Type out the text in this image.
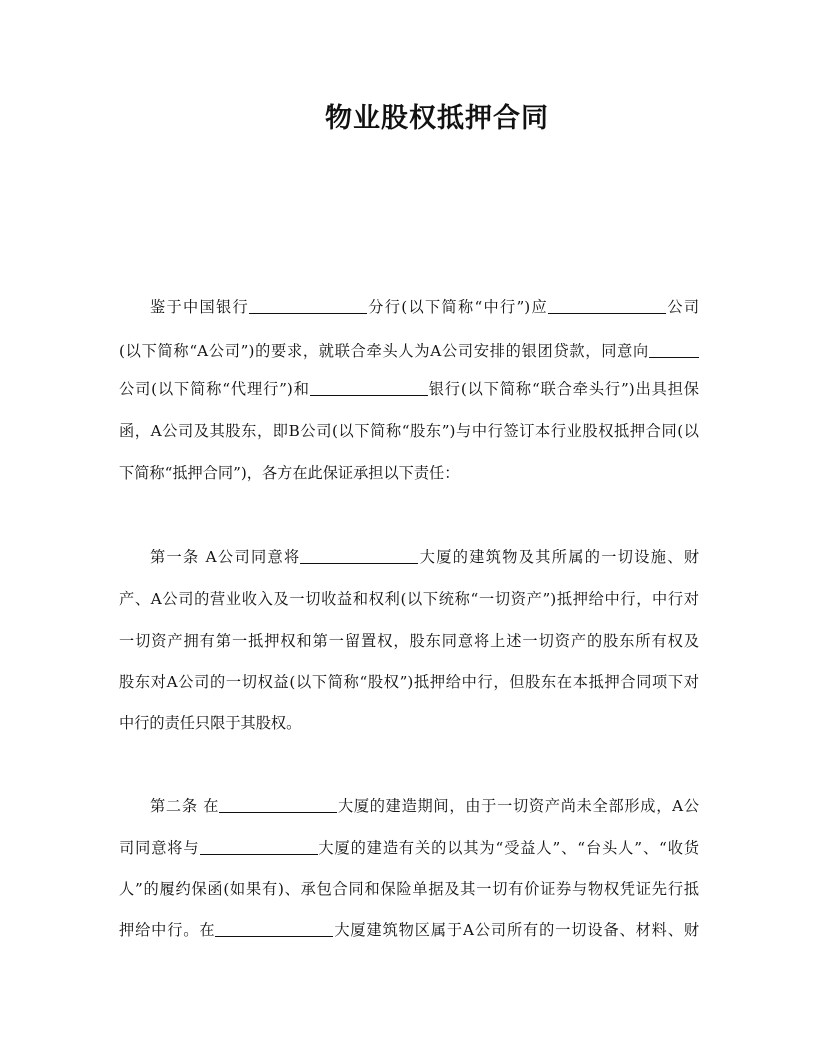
物业股权抵押合同
鉴于中国银行	分行(以下简称“中行”)应	公司
(以下简称“A公司”)的要求，就联合牵头人为A公司安排的银团贷款，同意向
公司(以下简称“代理行”)和	银行(以下简称“联合牵头行”)出具担保
函，A公司及其股东，即B公司(以下简称“股东”)与中行签订本行业股权抵押合同(以
下简称“抵押合同”)，各方在此保证承担以下责任：
第一条 A公司同意将	大厦的建筑物及其所属的一切设施、财
产、A公司的营业收入及一切收益和权利(以下统称“一切资产”)抵押给中行，中行对
一切资产拥有第一抵押权和第一留置权，股东同意将上述一切资产的股东所有权及
股东对A公司的一切权益(以下简称“股权”)抵押给中行，但股东在本抵押合同项下对
中行的责任只限于其股权。
第二条 在	大厦的建造期间，由于一切资产尚未全部形成，A公
司同意将与	大厦的建造有关的以其为“受益人”、“台头人”、“收货
人”的履约保函(如果有)、承包合同和保险单据及其一切有价证券与物权凭证先行抵
押给中行。在	大厦建筑物区属于A公司所有的一切设备、材料、财
